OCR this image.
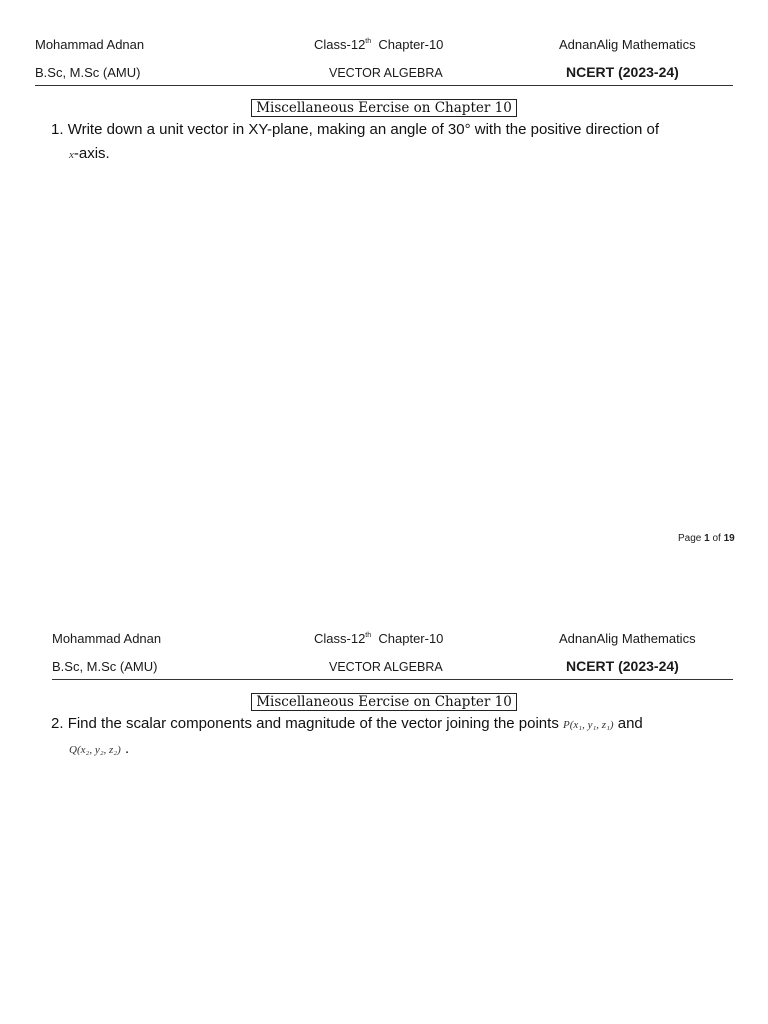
Mohammad Adnan	Class-12th Chapter-10	AdnanAlig Mathematics
B.Sc, M.Sc (AMU)	VECTOR ALGEBRA	NCERT (2023-24)
Miscellaneous Eercise on Chapter 10
1. Write down a unit vector in XY-plane, making an angle of 30° with the positive direction of
x-axis.
Page 1 of 19
Mohammad Adnan	Class-12th Chapter-10	AdnanAlig Mathematics
B.Sc, M.Sc (AMU)	VECTOR ALGEBRA	NCERT (2023-24)
Miscellaneous Eercise on Chapter 10
2. Find the scalar components and magnitude of the vector joining the points P(x₁, y₁, z₁) and
Q(x₂, y₂, z₂) .
